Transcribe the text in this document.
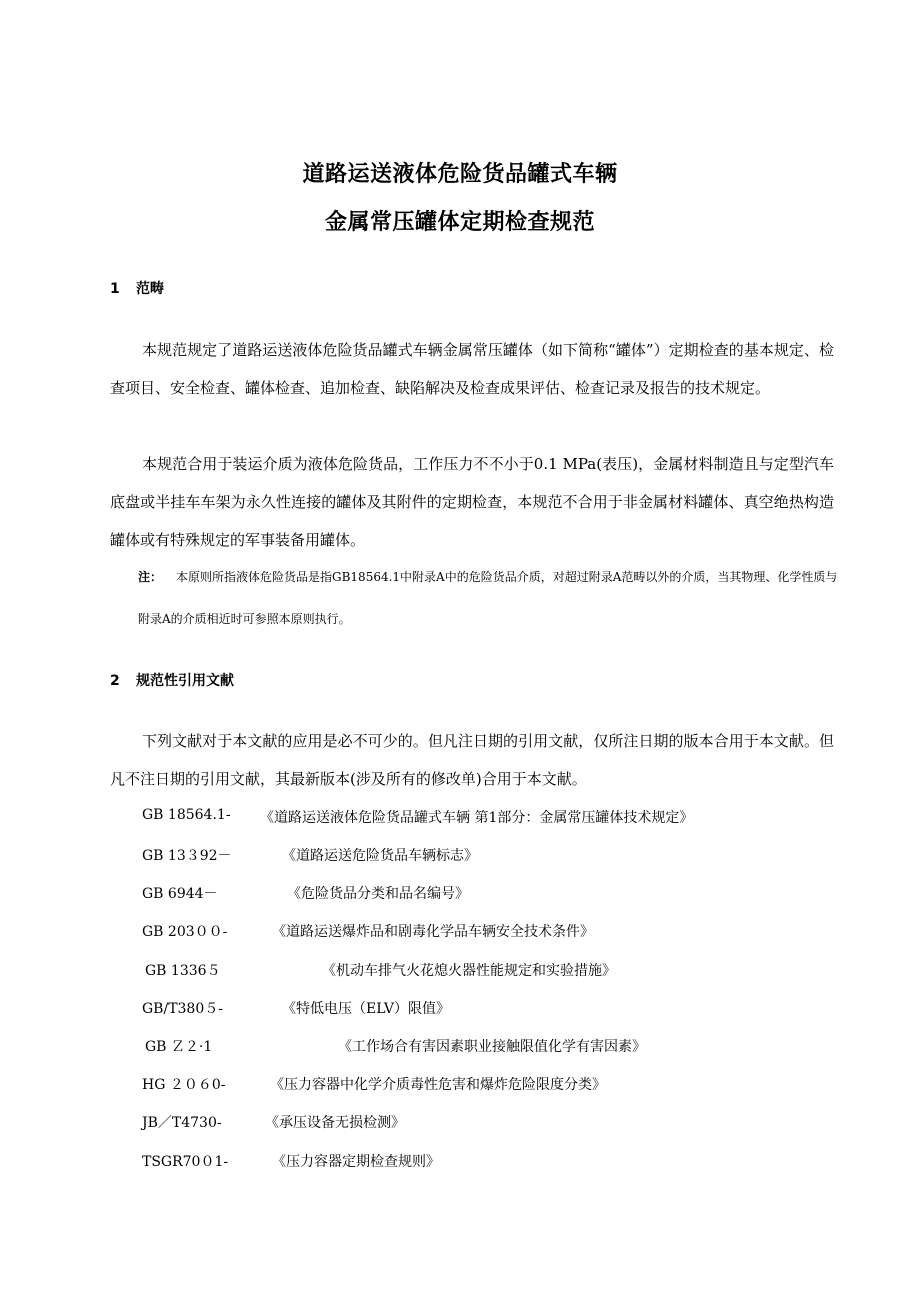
道路运送液体危险货品罐式车辆
金属常压罐体定期检查规范
1 范畴
本规范规定了道路运送液体危险货品罐式车辆金属常压罐体（如下简称“罐体”）定期检查的基本规定、检查项目、安全检查、罐体检查、追加检查、缺陷解决及检查成果评估、检查记录及报告的技术规定。
本规范合用于装运介质为液体危险货品，工作压力不不小于0.1 MPa(表压)，金属材料制造且与定型汽车底盘或半挂车车架为永久性连接的罐体及其附件的定期检查，本规范不合用于非金属材料罐体、真空绝热构造罐体或有特殊规定的军事装备用罐体。
注： 本原则所指液体危险货品是指GB18564.1中附录A中的危险货品介质，对超过附录A范畴以外的介质，当其物理、化学性质与附录A的介质相近时可参照本原则执行。
2 规范性引用文献
下列文献对于本文献的应用是必不可少的。但凡注日期的引用文献，仅所注日期的版本合用于本文献。但凡不注日期的引用文献，其最新版本(涉及所有的修改单)合用于本文献。
GB 18564.1- 《道路运送液体危险货品罐式车辆 第1部分：金属常压罐体技术规定》
GB 13３92－	《道路运送危险货品车辆标志》
GB 6944－	《危险货品分类和品名编号》
GB 203００-	《道路运送爆炸品和剧毒化学品车辆安全技术条件》
GB 1336５	《机动车排气火花熄火器性能规定和实验措施》
GB/T380５-	《特低电压（ELV）限值》
GB Ｚ２·1	《工作场合有害因素职业接触限值化学有害因素》
HG ２０６0-	《压力容器中化学介质毒性危害和爆炸危险限度分类》
JB／T4730-	《承压设备无损检测》
TSGR70０1-	《压力容器定期检查规则》
